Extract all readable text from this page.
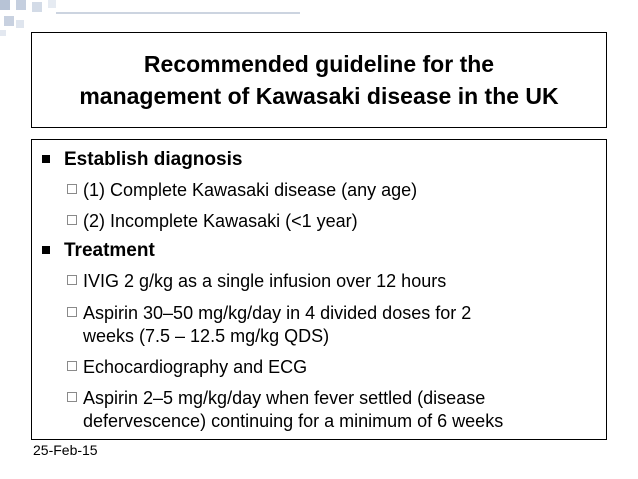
Recommended guideline for the
management of Kawasaki disease in the UK
Establish diagnosis
(1) Complete Kawasaki disease (any age)
(2) Incomplete Kawasaki (<1 year)
Treatment
IVIG 2 g/kg as a single infusion over 12 hours
Aspirin 30–50 mg/kg/day in 4 divided doses for 2
weeks (7.5 – 12.5 mg/kg QDS)
Echocardiography and ECG
Aspirin 2–5 mg/kg/day when fever settled (disease
defervescence) continuing for a minimum of 6 weeks
25-Feb-15
